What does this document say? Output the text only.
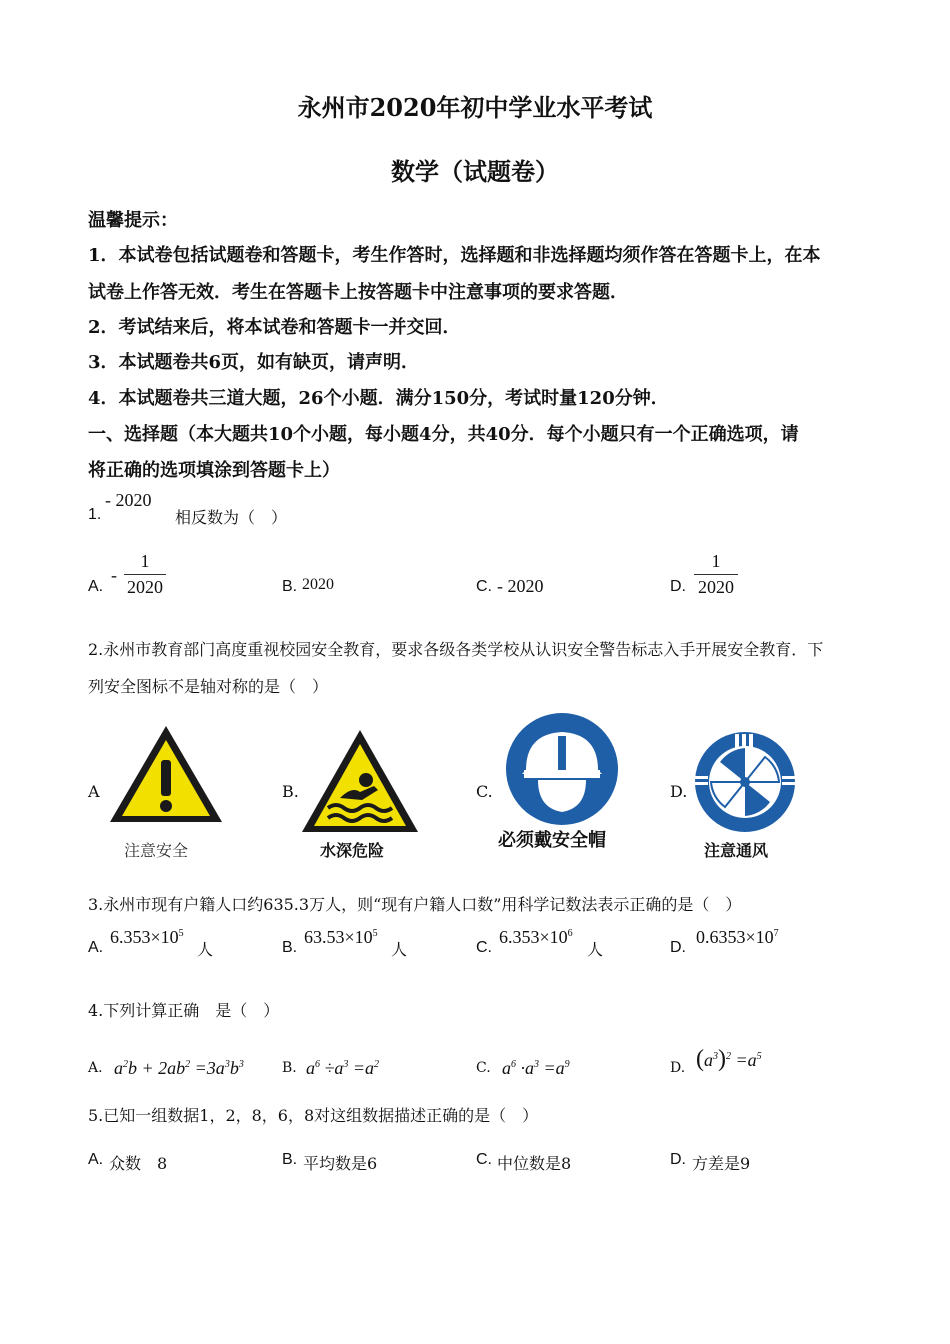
永州市2020年初中学业水平考试
数学（试题卷）
温馨提示：
1．本试卷包括试题卷和答题卡，考生作答时，选择题和非选择题均须作答在答题卡上，在本
试卷上作答无效．考生在答题卡上按答题卡中注意事项的要求答题．
2．考试结来后，将本试卷和答题卡一并交回．
3．本试题卷共6页，如有缺页，请声明．
4．本试题卷共三道大题，26个小题．满分150分，考试时量120分钟．
一、选择题（本大题共10个小题，每小题4分，共40分．每个小题只有一个正确选项，请
将正确的选项填涂到答题卡上）
1.
- 2020
相反数为（　）
A.
-
1
2020	B. 2020	C. - 2020	D.
1
2020
2.永州市教育部门高度重视校园安全教育，要求各级各类学校从认识安全警告标志入手开展安全教育．下
列安全图标不是轴对称的是（　）
A
注意安全
B.
水深危险
C.
必须戴安全帽
D.
注意通风
3.永州市现有户籍人口约635.3万人，则“现有户籍人口数”用科学记数法表示正确的是（　）
A.
$6.353\times 10^5$
人	B.
$63.53\times 10^5$
人	C.
$6.353\times 10^6$
人	D.
$0.6353\times 10^7$
4.下列计算正确　是（　）
A. $a^2b + 2ab^2 =3a^3b^3$	B. $a^6 \div a^3 =a^2$	C. $a^6 \cdot a^3 =a^9$	D. $(a^3)^2 =a^5$
5.已知一组数据1，2，8，6，8对这组数据描述正确的是（　）
A. 众数　8	B. 平均数是6	C. 中位数是8	D. 方差是9
